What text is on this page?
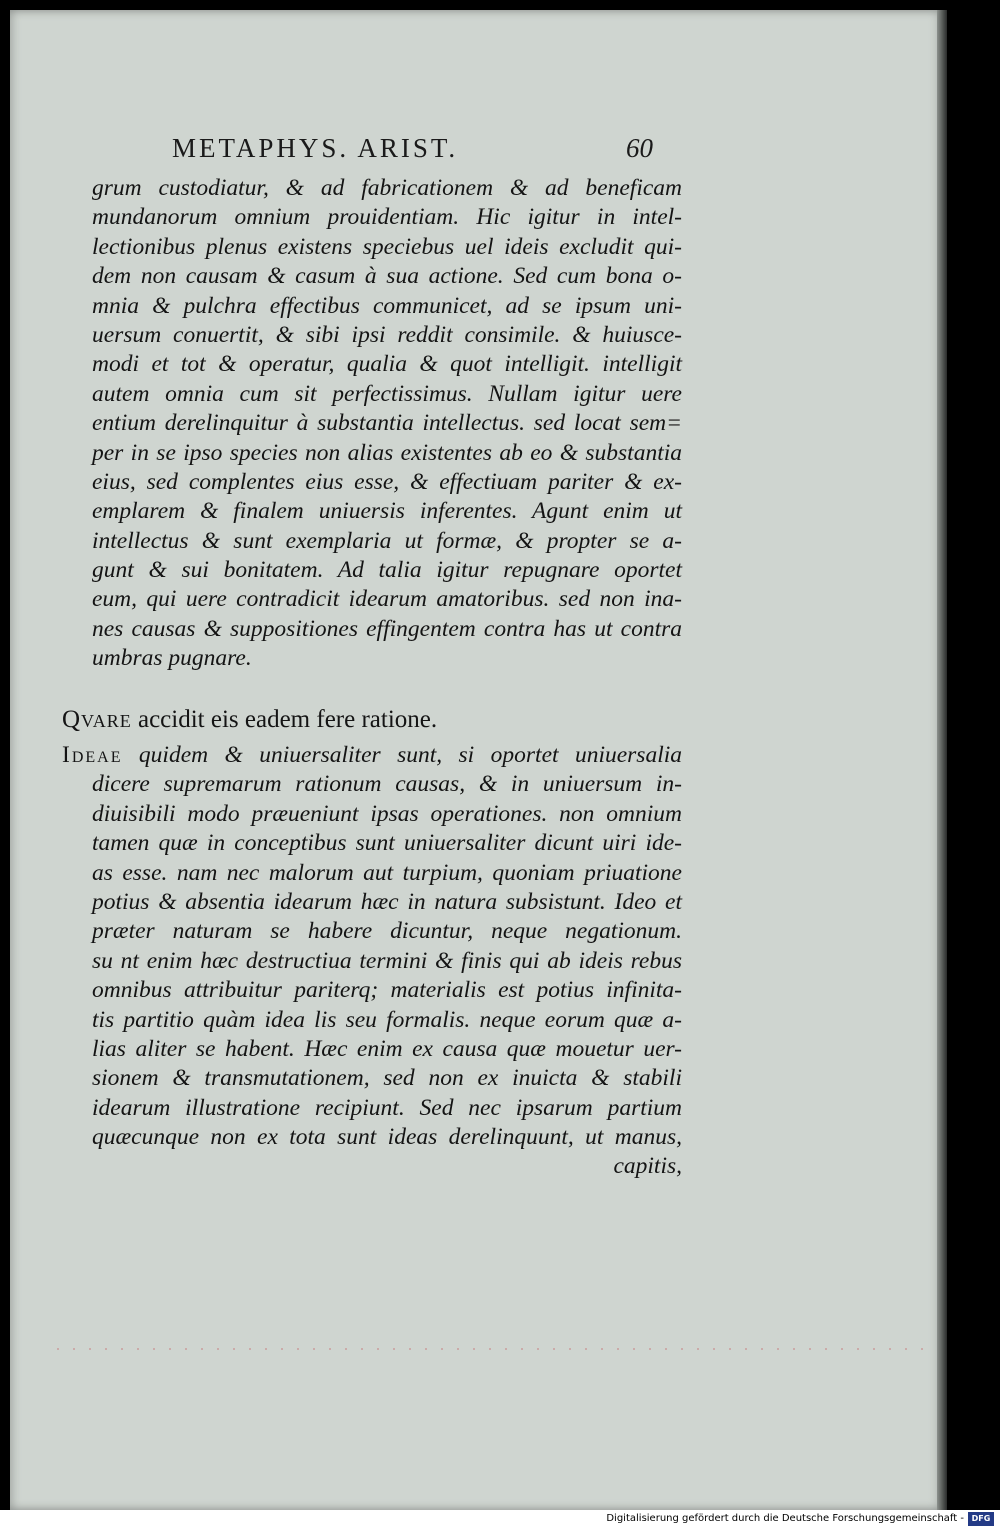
METAPHYS. ARIST.	60
grum custodiatur, & ad fabricationem & ad beneficam
mundanorum omnium prouidentiam. Hic igitur in intel-
lectionibus plenus existens speciebus uel ideis excludit qui-
dem non causam & casum à sua actione. Sed cum bona o-
mnia & pulchra effectibus communicet, ad se ipsum uni-
uersum conuertit, & sibi ipsi reddit consimile. & huiusce-
modi et tot & operatur, qualia & quot intelligit. intelligit
autem omnia cum sit perfectissimus. Nullam igitur uere
entium derelinquitur à substantia intellectus. sed locat sem=
per in se ipso species non alias existentes ab eo & substantia
eius, sed complentes eius esse, & effectiuam pariter & ex-
emplarem & finalem uniuersis inferentes. Agunt enim ut
intellectus & sunt exemplaria ut formæ, & propter se a-
gunt & sui bonitatem. Ad talia igitur repugnare oportet
eum, qui uere contradicit idearum amatoribus. sed non ina-
nes causas & suppositiones effingentem contra has ut contra
umbras pugnare.
Qvare accidit eis eadem fere ratione.
Ideae quidem & uniuersaliter sunt, si oportet uniuersalia
dicere supremarum rationum causas, & in uniuersum in-
diuisibili modo præueniunt ipsas operationes. non omnium
tamen quæ in conceptibus sunt uniuersaliter dicunt uiri ide-
as esse. nam nec malorum aut turpium, quoniam priuatione
potius & absentia idearum hæc in natura subsistunt. Ideo et
præter naturam se habere dicuntur, neque negationum.
su nt enim hæc destructiua termini & finis qui ab ideis rebus
omnibus attribuitur pariterq; materialis est potius infinita-
tis partitio quàm idea lis seu formalis. neque eorum quæ a-
lias aliter se habent. Hæc enim ex causa quæ mouetur uer-
sionem & transmutationem, sed non ex inuicta & stabili
idearum illustratione recipiunt. Sed nec ipsarum partium
quæcunque non ex tota sunt ideas derelinquunt, ut manus,
capitis,
Digitalisierung gefördert durch die Deutsche Forschungsgemeinschaft - DFG
